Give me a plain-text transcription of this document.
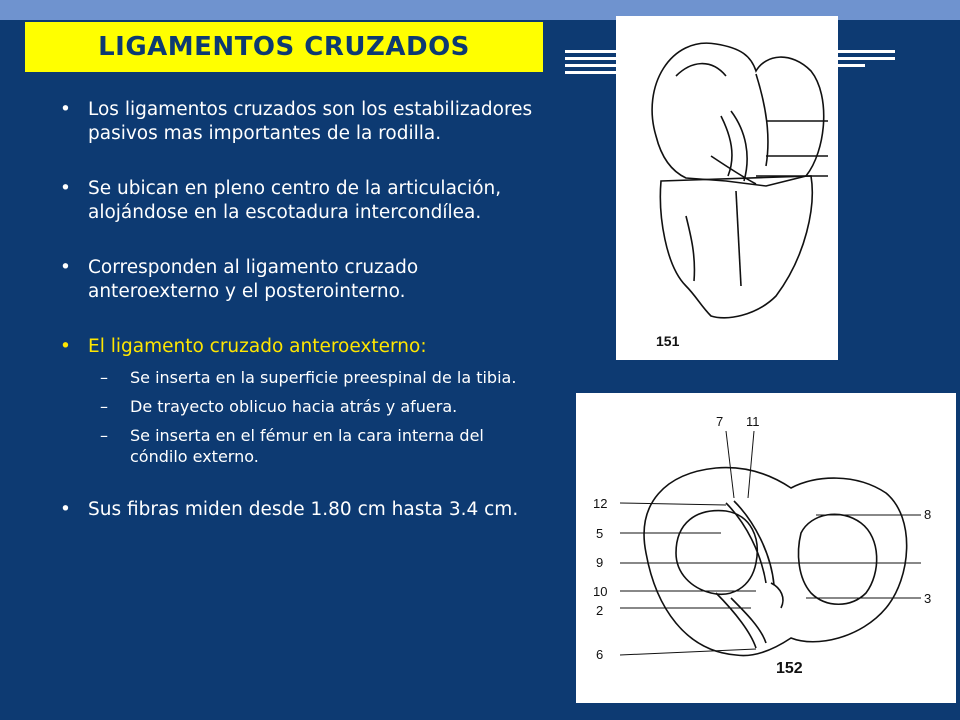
LIGAMENTOS CRUZADOS
• Los ligamentos cruzados son los estabilizadores pasivos mas importantes de la rodilla.
• Se ubican en pleno centro de la articulación, alojándose en la escotadura intercondílea.
• Corresponden al ligamento cruzado anteroexterno y el posterointerno.
• El ligamento cruzado anteroexterno:
– Se inserta en la superficie preespinal de la tibia.
– De trayecto oblicuo hacia atrás y afuera.
– Se inserta en el fémur en la cara interna del cóndilo externo.
• Sus fibras miden desde 1.80 cm hasta 3.4 cm.
151
7 11
12
5
9
10
2
6
8
3
152
